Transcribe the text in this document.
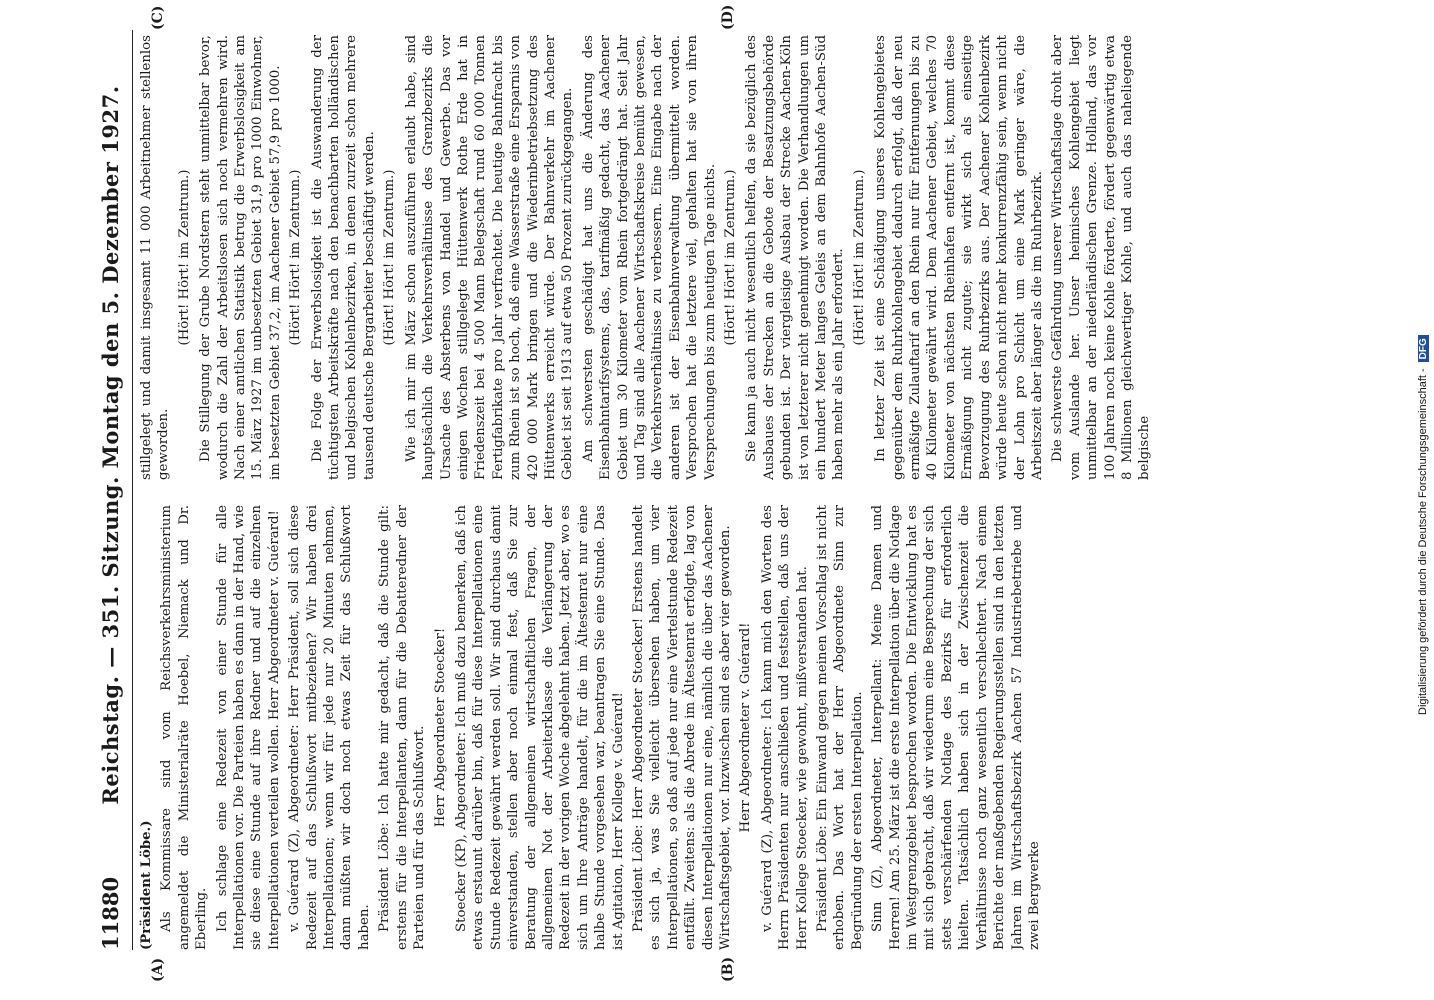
11880
Reichstag. — 351. Sitzung. Montag den 5. Dezember 1927.
(A)	(B)
(C)	(D)

(Präsident Löbe.) Als Kommissare sind vom Reichsverkehrsministerium angemeldet die Ministerialräte Hoebel, Niemack und Dr. Eberling. Ich schlage eine Redezeit von einer Stunde für alle Interpellationen vor. Die Parteien haben es dann in der Hand, wie sie diese eine Stunde auf ihre Redner und auf die einzelnen Interpellationen verteilen wollen. Herr Abgeordneter v. Guérard! v. Guérard (Z), Abgeordneter: Herr Präsident, soll sich diese Redezeit auf das Schlußwort mitbeziehen? Wir haben drei Interpellationen; wenn wir für jede nur 20 Minuten nehmen, dann müßten wir doch noch etwas Zeit für das Schlußwort haben. Präsident Löbe: Ich hatte mir gedacht, daß die Stunde gilt: erstens für die Interpellanten, dann für die Debatteredner der Parteien und für das Schlußwort. Herr Abgeordneter Stoecker! Stoecker (KP), Abgeordneter: Ich muß dazu bemerken, daß ich etwas erstaunt darüber bin, daß für diese Interpellationen eine Stunde Redezeit gewährt werden soll. Wir sind durchaus damit einverstanden, stellen aber noch einmal fest, daß Sie zur Beratung der allgemeinen wirtschaftlichen Fragen, der allgemeinen Not der Arbeiterklasse die Verlängerung der Redezeit in der vorigen Woche abgelehnt haben. Jetzt aber, wo es sich um Ihre Anträge handelt, für die im Ältestenrat nur eine halbe Stunde vorgesehen war, beantragen Sie eine Stunde. Das ist Agitation, Herr Kollege v. Guérard! Präsident Löbe: Herr Abgeordneter Stoecker! Erstens handelt es sich ja, was Sie vielleicht übersehen haben, um vier Interpellationen, so daß auf jede nur eine Viertelstunde Redezeit entfällt. Zweitens: als die Abrede im Ältestenrat erfolgte, lag von diesen Interpellationen nur eine, nämlich die über das Aachener Wirtschaftsgebiet, vor. Inzwischen sind es aber vier geworden. Herr Abgeordneter v. Guérard! v. Guérard (Z), Abgeordneter: Ich kann mich den Worten des Herrn Präsidenten nur anschließen und feststellen, daß uns der Herr Kollege Stoecker, wie gewohnt, mißverstanden hat. Präsident Löbe: Ein Einwand gegen meinen Vorschlag ist nicht erhoben. Das Wort hat der Herr Abgeordnete Sinn zur Begründung der ersten Interpellation. Sinn (Z), Abgeordneter, Interpellant: Meine Damen und Herren! Am 25. März ist die erste Interpellation über die Notlage im Westgrenzgebiet besprochen worden. Die Entwicklung hat es mit sich gebracht, daß wir wiederum eine Besprechung der sich stets verschärfenden Notlage des Bezirks für erforderlich hielten. Tatsächlich haben sich in der Zwischenzeit die Verhältnisse noch ganz wesentlich verschlechtert. Nach einem Berichte der maßgebenden Regierungsstellen sind in den letzten Jahren im Wirtschaftsbezirk Aachen 57 Industriebetriebe und zwei Bergwerke

stillgelegt und damit insgesamt 11 000 Arbeitnehmer stellenlos geworden.

(Hört! Hört! im Zentrum.) Die Stillegung der Grube Nordstern steht unmittelbar bevor, wodurch die Zahl der Arbeitslosen sich noch vermehren wird. Nach einer amtlichen Statistik betrug die Erwerbslosigkeit am 15. März 1927 im unbesetzten Gebiet 31,9 pro 1000 Einwohner, im besetzten Gebiet 37,2, im Aachener Gebiet 57,9 pro 1000. (Hört! Hört! im Zentrum.) Die Folge der Erwerbslosigkeit ist die Auswanderung der tüchtigsten Arbeitskräfte nach den benachbarten holländischen und belgischen Kohlenbezirken, in denen zurzeit schon mehrere tausend deutsche Bergarbeiter beschäftigt werden. (Hört! Hört! im Zentrum.) Wie ich mir im März schon auszuführen erlaubt habe, sind hauptsächlich die Verkehrsverhältnisse des Grenzbezirks die Ursache des Absterbens von Handel und Gewerbe. Das vor einigen Wochen stillgelegte Hüttenwerk Rothe Erde hat in Friedenszeit bei 4 500 Mann Belegschaft rund 60 000 Tonnen Fertigfabrikate pro Jahr verfrachtet. Die heutige Bahnfracht bis zum Rhein ist so hoch, daß eine Wasserstraße eine Ersparnis von 420 000 Mark bringen und die Wiederinbetriebsetzung des Hüttenwerks erreicht würde. Der Bahnverkehr im Aachener Gebiet ist seit 1913 auf etwa 50 Prozent zurückgegangen. Am schwersten geschädigt hat uns die Änderung des Eisenbahntarifsystems, das, tarifmäßig gedacht, das Aachener Gebiet um 30 Kilometer vom Rhein fortgedrängt hat. Seit Jahr und Tag sind alle Aachener Wirtschaftskreise bemüht gewesen, die Verkehrsverhältnisse zu verbessern. Eine Eingabe nach der anderen ist der Eisenbahnverwaltung übermittelt worden. Versprochen hat die letztere viel, gehalten hat sie von ihren Versprechungen bis zum heutigen Tage nichts. (Hört! Hört! im Zentrum.) Sie kann ja auch nicht wesentlich helfen, da sie bezüglich des Ausbaues der Strecken an die Gebote der Besatzungsbehörde gebunden ist. Der viergleisige Ausbau der Strecke Aachen-Köln ist von letzterer nicht genehmigt worden. Die Verhandlungen um ein hundert Meter langes Geleis an dem Bahnhofe Aachen-Süd haben mehr als ein Jahr erfordert. (Hört! Hört! im Zentrum.) In letzter Zeit ist eine Schädigung unseres Kohlengebietes gegenüber dem Ruhrkohlengebiet dadurch erfolgt, daß der neu ermäßigte Zulauftarif an den Rhein nur für Entfernungen bis zu 40 Kilometer gewährt wird. Dem Aachener Gebiet, welches 70 Kilometer von nächsten Rheinhafen entfernt ist, kommt diese Ermäßigung nicht zugute; sie wirkt sich als einseitige Bevorzugung des Ruhrbezirks aus. Der Aachener Kohlenbezirk würde heute schon nicht mehr konkurrenzfähig sein, wenn nicht der Lohn pro Schicht um eine Mark geringer wäre, die Arbeitszeit aber länger als die im Ruhrbezirk. Die schwerste Gefährdung unserer Wirtschaftslage droht aber vom Auslande her. Unser heimisches Kohlengebiet liegt unmittelbar an der niederländischen Grenze. Holland, das vor 100 Jahren noch keine Kohle förderte, fördert gegenwärtig etwa 8 Millionen gleichwertiger Kohle, und auch das naheliegende belgische	Digitalisierung gefördert durch die Deutsche Forschungsgemeinschaft -
DFG
